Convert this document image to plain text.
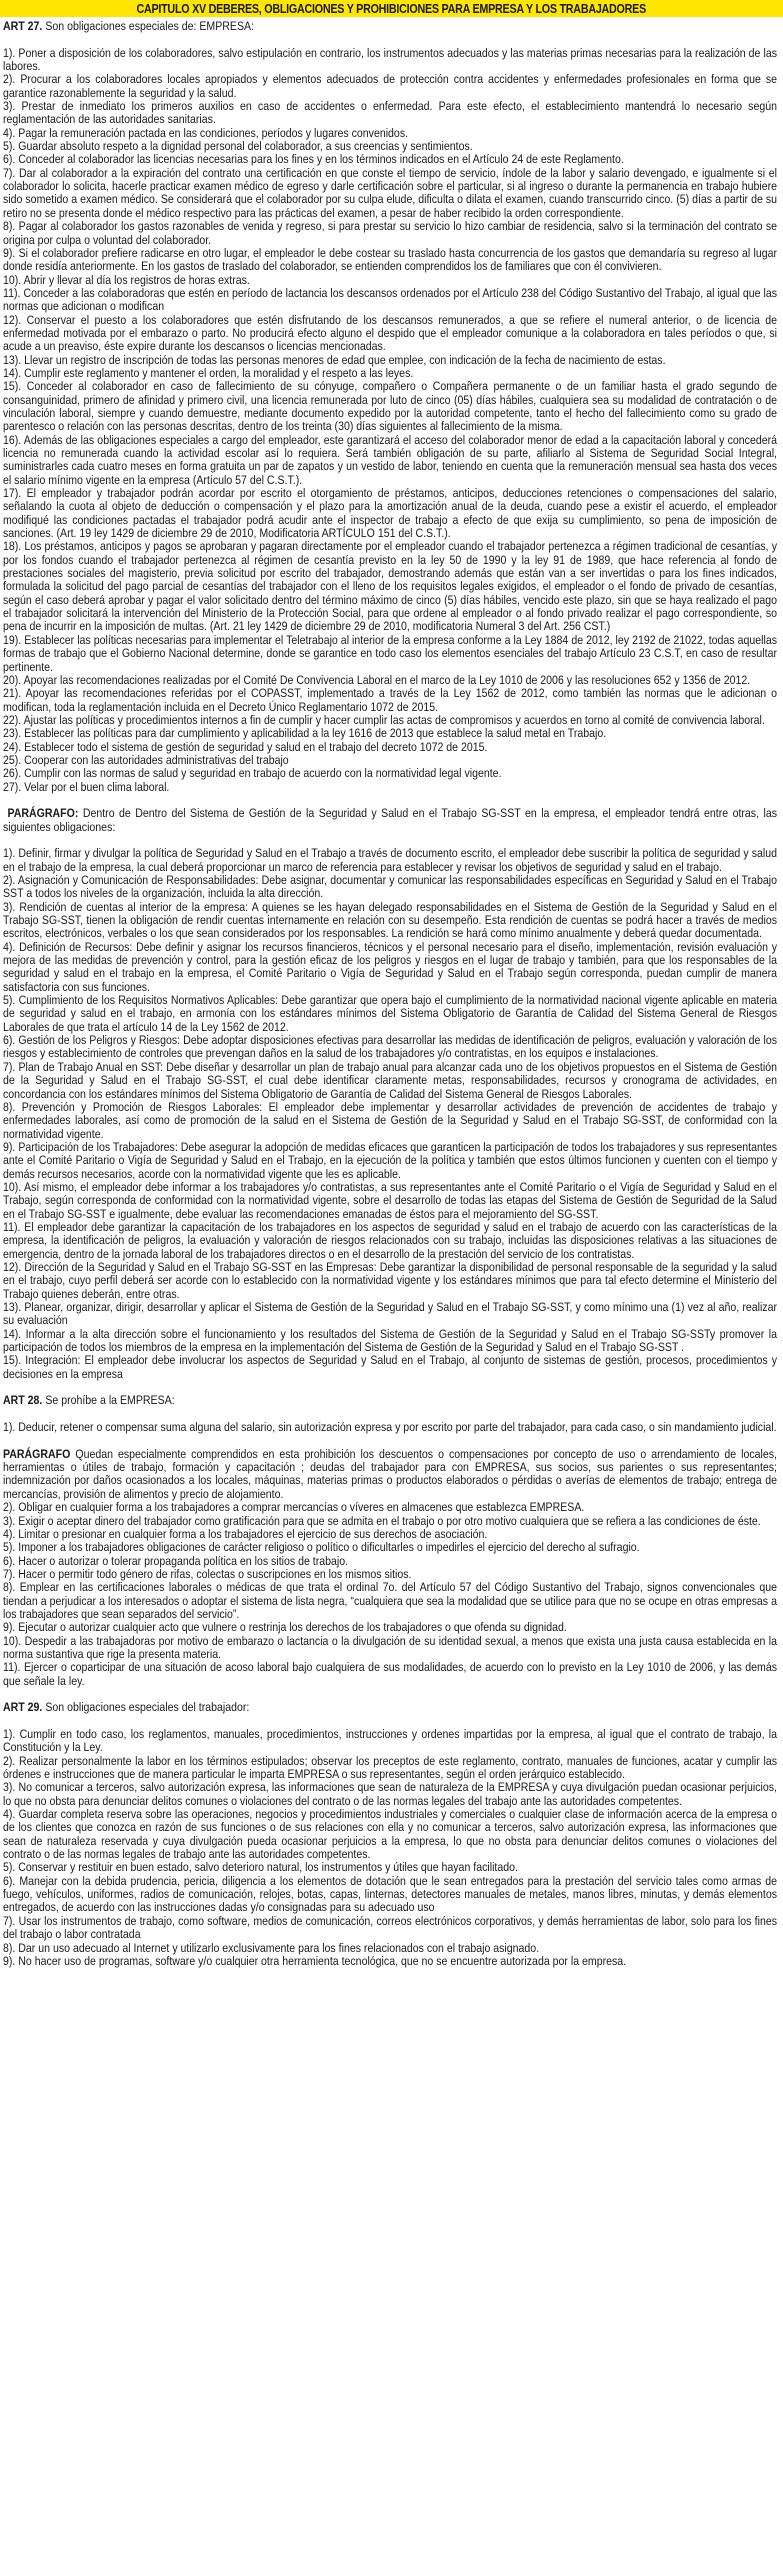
CAPITULO XV DEBERES, OBLIGACIONES Y PROHIBICIONES PARA EMPRESA Y LOS TRABAJADORES

ART 27. Son obligaciones especiales de: EMPRESA:

1). Poner a disposición de los colaboradores, salvo estipulación en contrario, los instrumentos adecuados y las materias primas necesarias para la realización de las labores.

2). Procurar a los colaboradores locales apropiados y elementos adecuados de protección contra accidentes y enfermedades profesionales en forma que se garantice razonablemente la seguridad y la salud.

3). Prestar de inmediato los primeros auxilios en caso de accidentes o enfermedad. Para este efecto, el establecimiento mantendrá lo necesario según reglamentación de las autoridades sanitarias.

4). Pagar la remuneración pactada en las condiciones, períodos y lugares convenidos.

5). Guardar absoluto respeto a la dignidad personal del colaborador, a sus creencias y sentimientos.

6). Conceder al colaborador las licencias necesarias para los fines y en los términos indicados en el Artículo 24 de este Reglamento.

7). Dar al colaborador a la expiración del contrato una certificación en que conste el tiempo de servicio, índole de la labor y salario devengado, e igualmente si el colaborador lo solicita, hacerle practicar examen médico de egreso y darle certificación sobre el particular, si al ingreso o durante la permanencia en trabajo hubiere sido sometido a examen médico. Se considerará que el colaborador por su culpa elude, dificulta o dilata el examen, cuando transcurrido cinco. (5) días a partir de su retiro no se presenta donde el médico respectivo para las prácticas del examen, a pesar de haber recibido la orden correspondiente.

8). Pagar al colaborador los gastos razonables de venida y regreso, si para prestar su servicio lo hizo cambiar de residencia, salvo si la terminación del contrato se origina por culpa o voluntad del colaborador.

9). Si el colaborador prefiere radicarse en otro lugar, el empleador le debe costear su traslado hasta concurrencia de los gastos que demandaría su regreso al lugar donde residía anteriormente. En los gastos de traslado del colaborador, se entienden comprendidos los de familiares que con él convivieren.

10). Abrir y llevar al día los registros de horas extras.

11). Conceder a las colaboradoras que estén en período de lactancia los descansos ordenados por el Artículo 238 del Código Sustantivo del Trabajo, al igual que las normas que adicionan o modifican

12). Conservar el puesto a los colaboradores que estén disfrutando de los descansos remunerados, a que se refiere el numeral anterior, o de licencia de enfermedad motivada por el embarazo o parto. No producirá efecto alguno el despido que el empleador comunique a la colaboradora en tales períodos o que, si acude a un preaviso, éste expire durante los descansos o licencias mencionadas.

13). Llevar un registro de inscripción de todas las personas menores de edad que emplee, con indicación de la fecha de nacimiento de estas.

14). Cumplir este reglamento y mantener el orden, la moralidad y el respeto a las leyes.

15). Conceder al colaborador en caso de fallecimiento de su cónyuge, compañero o Compañera permanente o de un familiar hasta el grado segundo de consanguinidad, primero de afinidad y primero civil, una licencia remunerada por luto de cinco (05) días hábiles, cualquiera sea su modalidad de contratación o de vinculación laboral, siempre y cuando demuestre, mediante documento expedido por la autoridad competente, tanto el hecho del fallecimiento como su grado de parentesco o relación con las personas descritas, dentro de los treinta (30) días siguientes al fallecimiento de la misma.

16). Además de las obligaciones especiales a cargo del empleador, este garantizará el acceso del colaborador menor de edad a la capacitación laboral y concederá licencia no remunerada cuando la actividad escolar así lo requiera. Será también obligación de su parte, afiliarlo al Sistema de Seguridad Social Integral, suministrarles cada cuatro meses en forma gratuita un par de zapatos y un vestido de labor, teniendo en cuenta que la remuneración mensual sea hasta dos veces el salario mínimo vigente en la empresa (Artículo 57 del C.S.T.).

17). El empleador y trabajador podrán acordar por escrito el otorgamiento de préstamos, anticipos, deducciones retenciones o compensaciones del salario, señalando la cuota al objeto de deducción o compensación y el plazo para la amortización anual de la deuda, cuando pese a existir el acuerdo, el empleador modifiqué las condiciones pactadas el trabajador podrá acudir ante el inspector de trabajo a efecto de que exija su cumplimiento, so pena de imposición de sanciones. (Art. 19 ley 1429 de diciembre 29 de 2010, Modificatoria ARTÍCULO 151 del C.S.T.).

18). Los préstamos, anticipos y pagos se aprobaran y pagaran directamente por el empleador cuando el trabajador pertenezca a régimen tradicional de cesantías, y por los fondos cuando el trabajador pertenezca al régimen de cesantía previsto en la ley 50 de 1990 y la ley 91 de 1989, que hace referencia al fondo de prestaciones sociales del magisterio, previa solicitud por escrito del trabajador, demostrando además que están van a ser invertidas o para los fines indicados, formulada la solicitud del pago parcial de cesantías del trabajador con el lleno de los requisitos legales exigidos, el empleador o el fondo de privado de cesantías, según el caso deberá aprobar y pagar el valor solicitado dentro del término máximo de cinco (5) días hábiles, vencido este plazo, sin que se haya realizado el pago el trabajador solicitará la intervención del Ministerio de la Protección Social, para que ordene al empleador o al fondo privado realizar el pago correspondiente, so pena de incurrir en la imposición de multas. (Art. 21 ley 1429 de diciembre 29 de 2010, modificatoria Numeral 3 del Art. 256 CST.)

19). Establecer las políticas necesarias para implementar el Teletrabajo al interior de la empresa conforme a la Ley 1884 de 2012, ley 2192 de 21022, todas aquellas formas de trabajo que el Gobierno Nacional determine, donde se garantice en todo caso los elementos esenciales del trabajo Artículo 23 C.S.T, en caso de resultar pertinente.

20). Apoyar las recomendaciones realizadas por el Comité De Convivencia Laboral en el marco de la Ley 1010 de 2006 y las resoluciones 652 y 1356 de 2012.

21). Apoyar las recomendaciones referidas por el COPASST, implementado a través de la Ley 1562 de 2012, como también las normas que le adicionan o modifican, toda la reglamentación incluida en el Decreto Único Reglamentario 1072 de 2015.

22). Ajustar las políticas y procedimientos internos a fin de cumplir y hacer cumplir las actas de compromisos y acuerdos en torno al comité de convivencia laboral.

23). Establecer las políticas para dar cumplimiento y aplicabilidad a la ley 1616 de 2013 que establece la salud metal en Trabajo.

24). Establecer todo el sistema de gestión de seguridad y salud en el trabajo del decreto 1072 de 2015.

25). Cooperar con las autoridades administrativas del trabajo

26). Cumplir con las normas de salud y seguridad en trabajo de acuerdo con la normatividad legal vigente.

27). Velar por el buen clima laboral.

PARÁGRAFO: Dentro de Dentro del Sistema de Gestión de la Seguridad y Salud en el Trabajo SG-SST en la empresa, el empleador tendrá entre otras, las siguientes obligaciones:

1). Definir, firmar y divulgar la política de Seguridad y Salud en el Trabajo a través de documento escrito, el empleador debe suscribir la política de seguridad y salud en el trabajo de la empresa, la cual deberá proporcionar un marco de referencia para establecer y revisar los objetivos de seguridad y salud en el trabajo.

2). Asignación y Comunicación de Responsabilidades: Debe asignar, documentar y comunicar las responsabilidades específicas en Seguridad y Salud en el Trabajo SST a todos los niveles de la organización, incluida la alta dirección.

3). Rendición de cuentas al interior de la empresa: A quienes se les hayan delegado responsabilidades en el Sistema de Gestión de la Seguridad y Salud en el Trabajo SG-SST, tienen la obligación de rendir cuentas internamente en relación con su desempeño. Esta rendición de cuentas se podrá hacer a través de medios escritos, electrónicos, verbales o los que sean considerados por los responsables. La rendición se hará como mínimo anualmente y deberá quedar documentada.

4). Definición de Recursos: Debe definir y asignar los recursos financieros, técnicos y el personal necesario para el diseño, implementación, revisión evaluación y mejora de las medidas de prevención y control, para la gestión eficaz de los peligros y riesgos en el lugar de trabajo y también, para que los responsables de la seguridad y salud en el trabajo en la empresa, el Comité Paritario o Vigía de Seguridad y Salud en el Trabajo según corresponda, puedan cumplir de manera satisfactoria con sus funciones.

5). Cumplimiento de los Requisitos Normativos Aplicables: Debe garantizar que opera bajo el cumplimiento de la normatividad nacional vigente aplicable en materia de seguridad y salud en el trabajo, en armonía con los estándares mínimos del Sistema Obligatorio de Garantía de Calidad del Sistema General de Riesgos Laborales de que trata el artículo 14 de la Ley 1562 de 2012.

6). Gestión de los Peligros y Riesgos: Debe adoptar disposiciones efectivas para desarrollar las medidas de identificación de peligros, evaluación y valoración de los riesgos y establecimiento de controles que prevengan daños en la salud de los trabajadores y/o contratistas, en los equipos e instalaciones.

7). Plan de Trabajo Anual en SST: Debe diseñar y desarrollar un plan de trabajo anual para alcanzar cada uno de los objetivos propuestos en el Sistema de Gestión de la Seguridad y Salud en el Trabajo SG-SST, el cual debe identificar claramente metas, responsabilidades, recursos y cronograma de actividades, en concordancia con los estándares mínimos del Sistema Obligatorio de Garantía de Calidad del Sistema General de Riesgos Laborales.

8). Prevención y Promoción de Riesgos Laborales: El empleador debe implementar y desarrollar actividades de prevención de accidentes de trabajo y enfermedades laborales, así como de promoción de la salud en el Sistema de Gestión de la Seguridad y Salud en el Trabajo SG-SST, de conformidad con la normatividad vigente.

9). Participación de los Trabajadores: Debe asegurar la adopción de medidas eficaces que garanticen la participación de todos los trabajadores y sus representantes ante el Comité Paritario o Vigía de Seguridad y Salud en el Trabajo, en la ejecución de la política y también que estos últimos funcionen y cuenten con el tiempo y demás recursos necesarios, acorde con la normatividad vigente que les es aplicable.

10). Así mismo, el empleador debe informar a los trabajadores y/o contratistas, a sus representantes ante el Comité Paritario o el Vigía de Seguridad y Salud en el Trabajo, según corresponda de conformidad con la normatividad vigente, sobre el desarrollo de todas las etapas del Sistema de Gestión de Seguridad de la Salud en el Trabajo SG-SST e igualmente, debe evaluar las recomendaciones emanadas de éstos para el mejoramiento del SG-SST.

11). El empleador debe garantizar la capacitación de los trabajadores en los aspectos de seguridad y salud en el trabajo de acuerdo con las características de la empresa, la identificación de peligros, la evaluación y valoración de riesgos relacionados con su trabajo, incluidas las disposiciones relativas a las situaciones de emergencia, dentro de la jornada laboral de los trabajadores directos o en el desarrollo de la prestación del servicio de los contratistas.

12). Dirección de la Seguridad y Salud en el Trabajo SG-SST en las Empresas: Debe garantizar la disponibilidad de personal responsable de la seguridad y la salud en el trabajo, cuyo perfil deberá ser acorde con lo establecido con la normatividad vigente y los estándares mínimos que para tal efecto determine el Ministerio del Trabajo quienes deberán, entre otras.

13). Planear, organizar, dirigir, desarrollar y aplicar el Sistema de Gestión de la Seguridad y Salud en el Trabajo SG-SST, y como mínimo una (1) vez al año, realizar su evaluación

14). Informar a la alta dirección sobre el funcionamiento y los resultados del Sistema de Gestión de la Seguridad y Salud en el Trabajo SG-SSTy promover la participación de todos los miembros de la empresa en la implementación del Sistema de Gestión de la Seguridad y Salud en el Trabajo SG-SST .

15). Integración: El empleador debe involucrar los aspectos de Seguridad y Salud en el Trabajo, al conjunto de sistemas de gestión, procesos, procedimientos y decisiones en la empresa

ART 28. Se prohíbe a la EMPRESA:

1). Deducir, retener o compensar suma alguna del salario, sin autorización expresa y por escrito por parte del trabajador, para cada caso, o sin mandamiento judicial.

PARÁGRAFO Quedan especialmente comprendidos en esta prohibición los descuentos o compensaciones por concepto de uso o arrendamiento de locales, herramientas o útiles de trabajo, formación y capacitación ; deudas del trabajador para con EMPRESA, sus socios, sus parientes o sus representantes; indemnización por daños ocasionados a los locales, máquinas, materias primas o productos elaborados o pérdidas o averías de elementos de trabajo; entrega de mercancías, provisión de alimentos y precio de alojamiento.

2). Obligar en cualquier forma a los trabajadores a comprar mercancías o víveres en almacenes que establezca EMPRESA.

3). Exigir o aceptar dinero del trabajador como gratificación para que se admita en el trabajo o por otro motivo cualquiera que se refiera a las condiciones de éste.

4). Limitar o presionar en cualquier forma a los trabajadores el ejercicio de sus derechos de asociación.

5). Imponer a los trabajadores obligaciones de carácter religioso o político o dificultarles o impedirles el ejercicio del derecho al sufragio.

6). Hacer o autorizar o tolerar propaganda política en los sitios de trabajo.

7). Hacer o permitir todo género de rifas, colectas o suscripciones en los mismos sitios.

8). Emplear en las certificaciones laborales o médicas de que trata el ordinal 7o. del Artículo 57 del Código Sustantivo del Trabajo, signos convencionales que tiendan a perjudicar a los interesados o adoptar el sistema de lista negra, “cualquiera que sea la modalidad que se utilice para que no se ocupe en otras empresas a los trabajadores que sean separados del servicio”.

9). Ejecutar o autorizar cualquier acto que vulnere o restrinja los derechos de los trabajadores o que ofenda su dignidad.

10). Despedir a las trabajadoras por motivo de embarazo o lactancia o la divulgación de su identidad sexual, a menos que exista una justa causa establecida en la norma sustantiva que rige la presenta materia.

11). Ejercer o coparticipar de una situación de acoso laboral bajo cualquiera de sus modalidades, de acuerdo con lo previsto en la Ley 1010 de 2006, y las demás que señale la ley.

ART 29. Son obligaciones especiales del trabajador:

1). Cumplir en todo caso, los reglamentos, manuales, procedimientos, instrucciones y ordenes impartidas por la empresa, al igual que el contrato de trabajo, la Constitución y la Ley.

2). Realizar personalmente la labor en los términos estipulados; observar los preceptos de este reglamento, contrato, manuales de funciones, acatar y cumplir las órdenes e instrucciones que de manera particular le imparta EMPRESA o sus representantes, según el orden jerárquico establecido.

3). No comunicar a terceros, salvo autorización expresa, las informaciones que sean de naturaleza de la EMPRESA y cuya divulgación puedan ocasionar perjuicios, lo que no obsta para denunciar delitos comunes o violaciones del contrato o de las normas legales del trabajo ante las autoridades competentes.

4). Guardar completa reserva sobre las operaciones, negocios y procedimientos industriales y comerciales o cualquier clase de información acerca de la empresa o de los clientes que conozca en razón de sus funciones o de sus relaciones con ella y no comunicar a terceros, salvo autorización expresa, las informaciones que sean de naturaleza reservada y cuya divulgación pueda ocasionar perjuicios a la empresa, lo que no obsta para denunciar delitos comunes o violaciones del contrato o de las normas legales de trabajo ante las autoridades competentes.

5). Conservar y restituir en buen estado, salvo deterioro natural, los instrumentos y útiles que hayan facilitado.

6). Manejar con la debida prudencia, pericia, diligencia a los elementos de dotación que le sean entregados para la prestación del servicio tales como armas de fuego, vehículos, uniformes, radios de comunicación, relojes, botas, capas, linternas, detectores manuales de metales, manos libres, minutas, y demás elementos entregados, de acuerdo con las instrucciones dadas y/o consignadas para su adecuado uso

7). Usar los instrumentos de trabajo, como software, medios de comunicación, correos electrónicos corporativos, y demás herramientas de labor, solo para los fines del trabajo o labor contratada

8). Dar un uso adecuado al Internet y utilizarlo exclusivamente para los fines relacionados con el trabajo asignado.

9). No hacer uso de programas, software y/o cualquier otra herramienta tecnológica, que no se encuentre autorizada por la empresa.
